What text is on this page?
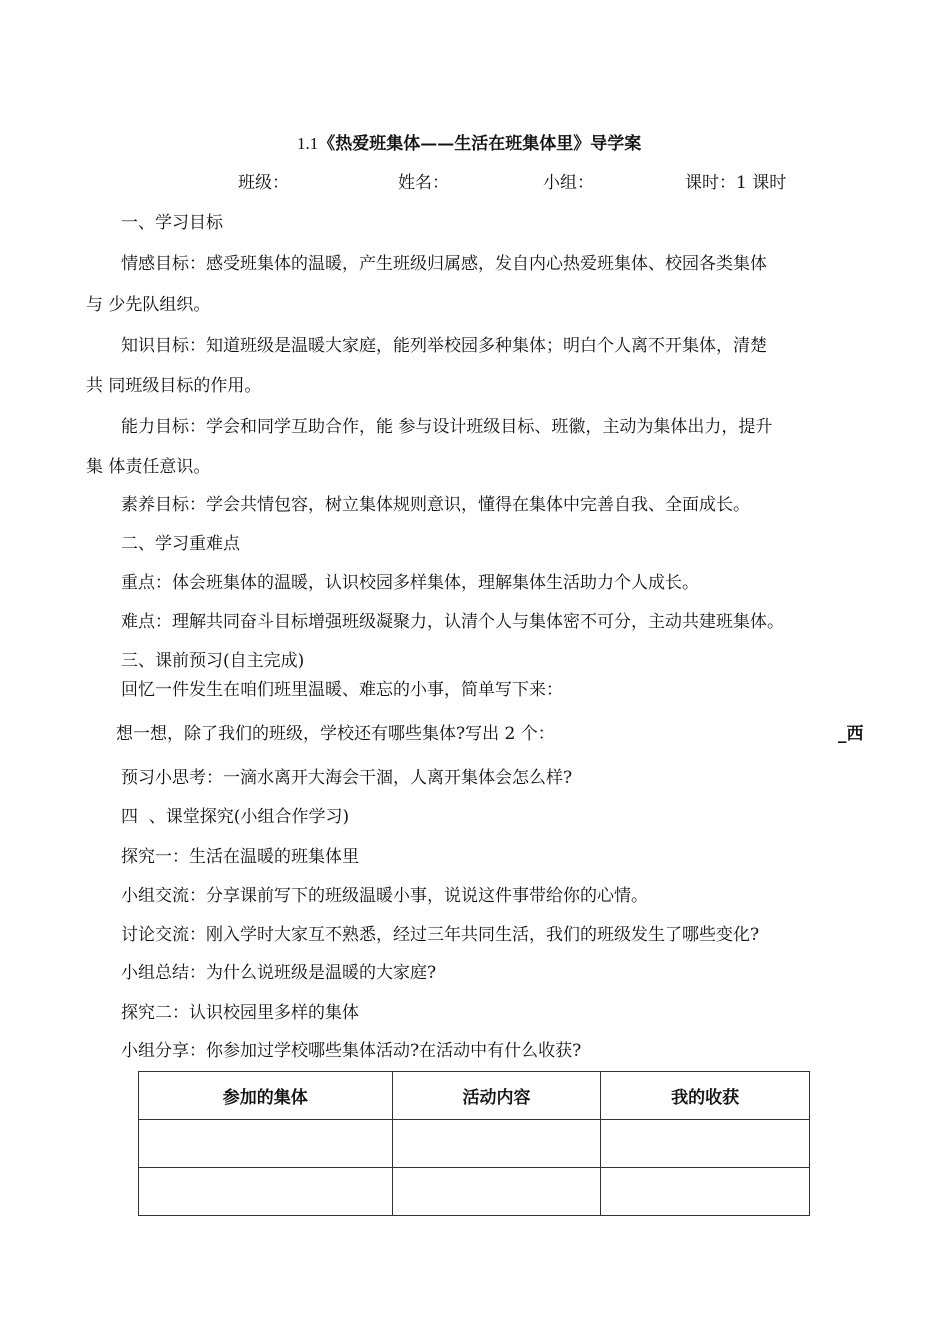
1.1《热爱班集体——生活在班集体里》导学案
班级：	姓名：	小组：	课时：1 课时
一、学习目标
情感目标：感受班集体的温暖，产生班级归属感，发自内心热爱班集体、校园各类集体
与 少先队组织。
知识目标：知道班级是温暖大家庭，能列举校园多种集体；明白个人离不开集体，清楚
共 同班级目标的作用。
能力目标：学会和同学互助合作，能 参与设计班级目标、班徽，主动为集体出力，提升
集 体责任意识。
素养目标：学会共情包容，树立集体规则意识，懂得在集体中完善自我、全面成长。
二、学习重难点
重点：体会班集体的温暖，认识校园多样集体，理解集体生活助力个人成长。
难点：理解共同奋斗目标增强班级凝聚力，认清个人与集体密不可分，主动共建班集体。
三、课前预习(自主完成)
回忆一件发生在咱们班里温暖、难忘的小事，简单写下来：
想一想，除了我们的班级，学校还有哪些集体?写出 2 个：	_西
预习小思考：一滴水离开大海会干涸，人离开集体会怎么样?
四  、课堂探究(小组合作学习)
探究一：生活在温暖的班集体里
小组交流：分享课前写下的班级温暖小事，说说这件事带给你的心情。
讨论交流：刚入学时大家互不熟悉，经过三年共同生活，我们的班级发生了哪些变化?
小组总结：为什么说班级是温暖的大家庭?
探究二：认识校园里多样的集体
小组分享：你参加过学校哪些集体活动?在活动中有什么收获?
参加的集体	活动内容	我的收获
